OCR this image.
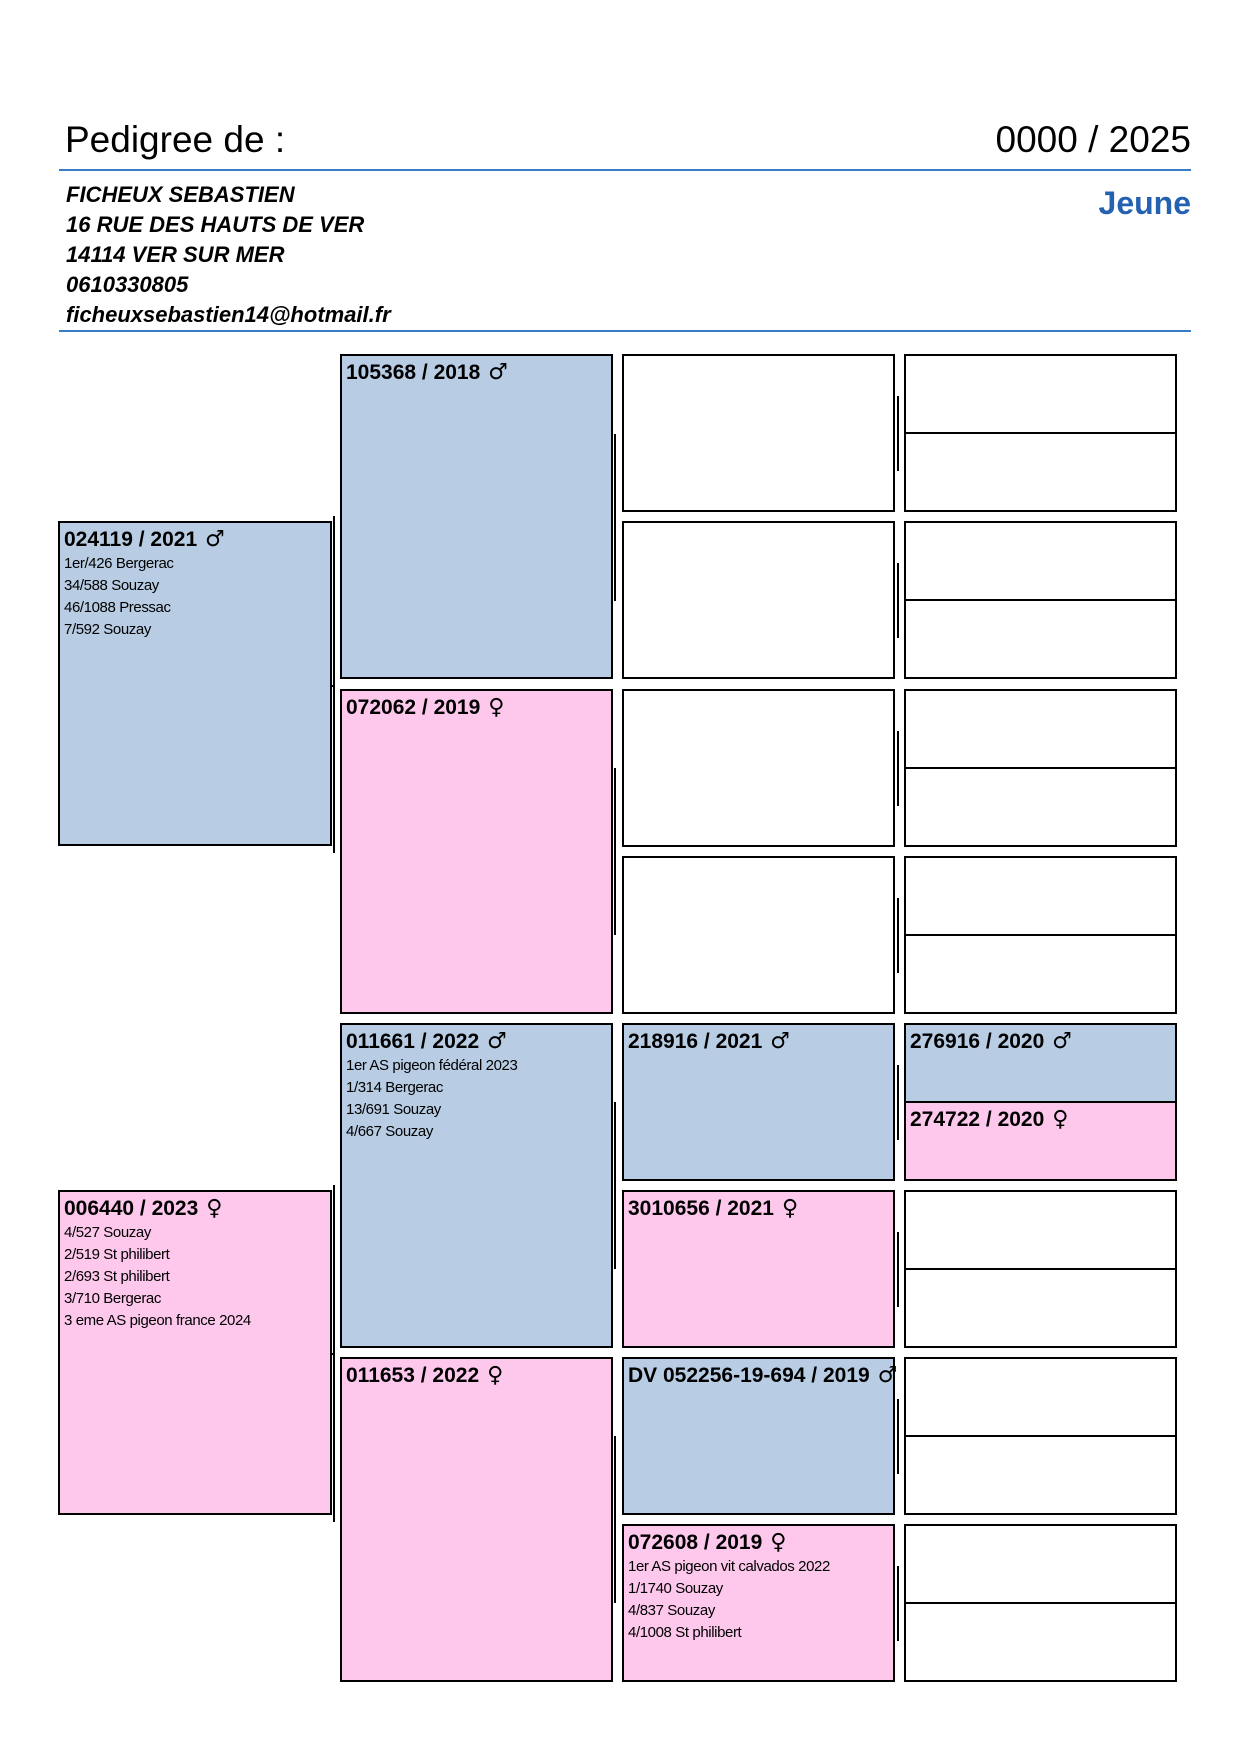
Pedigree de :	0000 / 2025
FICHEUX SEBASTIEN
16 RUE DES HAUTS DE VER
14114 VER SUR MER
0610330805
ficheuxsebastien14@hotmail.fr
Jeune
024119 / 2021 ♂
1er/426 Bergerac
34/588 Souzay
46/1088 Pressac
7/592 Souzay
006440 / 2023 ♀
4/527 Souzay
2/519 St philibert
2/693 St philibert
3/710 Bergerac
3 eme AS pigeon france 2024
105368 / 2018 ♂
072062 / 2019 ♀
011661 / 2022 ♂
1er AS pigeon fédéral 2023
1/314 Bergerac
13/691 Souzay
4/667 Souzay
011653 / 2022 ♀
218916 / 2021 ♂
3010656 / 2021 ♀
DV 052256-19-694 / 2019 ♂
072608 / 2019 ♀
1er AS pigeon vit calvados 2022
1/1740 Souzay
4/837 Souzay
4/1008 St philibert
276916 / 2020 ♂
274722 / 2020 ♀
